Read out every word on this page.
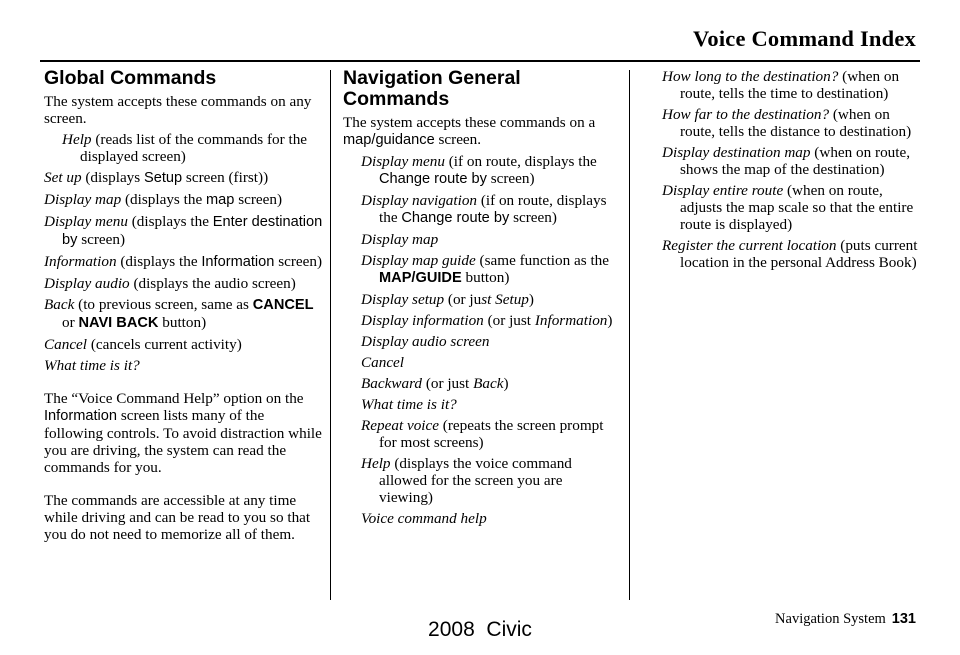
Voice Command Index
Global Commands

The system accepts these commands on any screen.

Help (reads list of the commands for the displayed screen)

Set up (displays Setup screen (first))

Display map (displays the map screen)

Display menu (displays the Enter destination by screen)

Information (displays the Information screen)

Display audio (displays the audio screen)

Back (to previous screen, same as CANCEL or NAVI BACK button)

Cancel (cancels current activity)

What time is it?

The “Voice Command Help” option on the Information screen lists many of the following controls. To avoid distraction while you are driving, the system can read the commands for you.

The commands are accessible at any time while driving and can be read to you so that you do not need to memorize all of them.

Navigation General Commands

The system accepts these commands on a map/guidance screen.

Display menu (if on route, displays the Change route by screen)

Display navigation (if on route, displays the Change route by screen)

Display map

Display map guide (same function as the MAP/GUIDE button)

Display setup (or just Setup)

Display information (or just Information)

Display audio screen

Cancel

Backward (or just Back)

What time is it?

Repeat voice (repeats the screen prompt for most screens)

Help (displays the voice command allowed for the screen you are viewing)

Voice command help

How long to the destination? (when on route, tells the time to destination)

How far to the destination? (when on route, tells the distance to destination)

Display destination map (when on route, shows the map of the destination)

Display entire route (when on route, adjusts the map scale so that the entire route is displayed)

Register the current location (puts current location in the personal Address Book)

Navigation System 131
2008  Civic
